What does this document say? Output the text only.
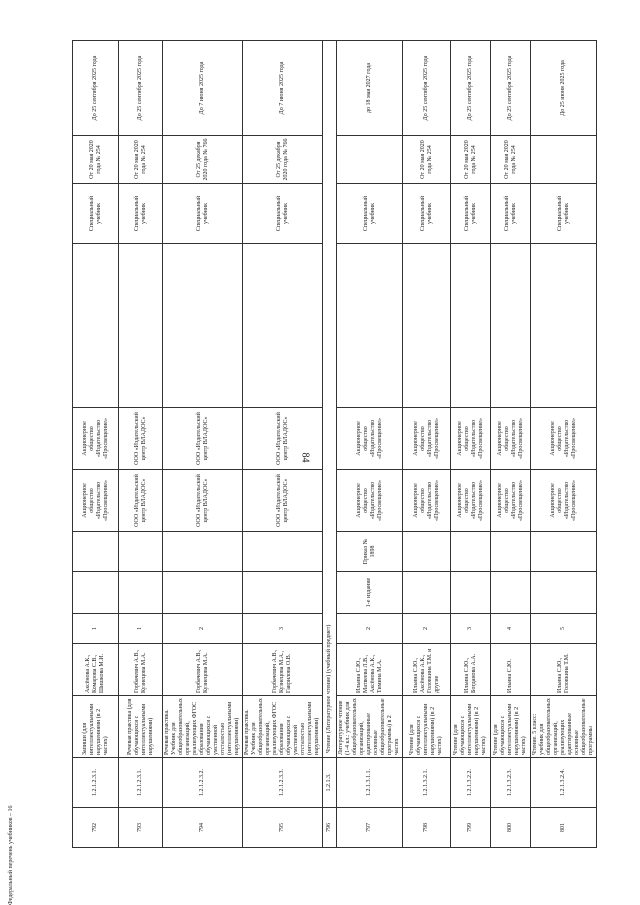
84
Федеральный перечень учебников – 16	792	1.2.1.2.3.1.	Запиши (для интеллектуальными нарушениями (в 2 частях)	Аксёнова А.К., Комарова С.В., Шишкова М.И.	1			Акционерное общество «Издательство «Просвещение»	Акционерное общество «Издательство «Просвещение»		Специальный учебник	От 20 мая 2020 года № 254	До 25 сентября 2025 года
793	1.2.1.2.3.1.	Речевая практика (для обучающихся с интеллектуальными нарушениями)	Горбачевич А.В., Кузнецова М.А.	1			ООО «Издательский центр ВЛАДОС»	ООО «Издательский центр ВЛАДОС»		Специальный учебник	От 20 мая 2020 года № 254	До 25 сентября 2025 года
794	1.2.1.2.3.2.	Речевая практика. Учебник для общеобразовательных организаций, реализующих ФГОС образования обучающихся с умственной отсталостью (интеллектуальными нарушениями)	Горбачевич А.В., Кузнецова М.А.	2			ООО «Издательский центр ВЛАДОС»	ООО «Издательский центр ВЛАДОС»		Специальный учебник	От 25 декабря 2020 года № 766	До 7 июня 2025 года
795	1.2.1.2.3.3.	Речевая практика. Учебник для общеобразовательных организаций, реализующих ФГОС образования обучающихся с умственной отсталостью (интеллектуальными нарушениями)	Горбачевич А.В., Кузнецова М.А., Гаврилова О.В.	3			ООО «Издательский центр ВЛАДОС»	ООО «Издательский центр ВЛАДОС»		Специальный учебник	От 25 декабря 2020 года № 766	До 7 июня 2025 года
796	1.2.1.3.	Чтение (Литературное чтение) (учебный предмет)										
797	1.2.1.3.1.1.	Литературное чтение (1-4 кл.: учебник для общеобразовательных организаций, адаптированные основные общеобразовательные программы) в 2 частях	Ильина С.Ю., Матвеева Л.В., Аксёнова А.К., Тимина М.А.	2	1-е издание	Приказ № 1898	Акционерное общество «Издательство «Просвещение»	Акционерное общество «Издательство «Просвещение»		Специальный учебник		до 18 мая 2027 года
798	1.2.1.3.2.1.	Чтение (для обучающихся с интеллектуальными нарушениями) (в 2 частях)	Ильина С.Ю., Аксёнова А.К., Головкина Т.М. и другие	2			Акционерное общество «Издательство «Просвещение»	Акционерное общество «Издательство «Просвещение»		Специальный учебник	От 20 мая 2020 года № 254	До 25 сентября 2025 года
799	1.2.1.3.2.2.	Чтение (для обучающихся с интеллектуальными нарушениями) (в 2 частях)	Ильина С.Ю., Богданова А.А.	3			Акционерное общество «Издательство «Просвещение»	Акционерное общество «Издательство «Просвещение»		Специальный учебник	От 20 мая 2020 года № 254	До 25 сентября 2025 года
800	1.2.1.3.2.3.	Чтение (для обучающихся с интеллектуальными нарушениями) (в 2 частях)	Ильина С.Ю.	4			Акционерное общество «Издательство «Просвещение»	Акционерное общество «Издательство «Просвещение»		Специальный учебник	От 20 мая 2020 года № 254	До 25 сентября 2025 года
801	1.2.1.3.2.4.	Чтение. 5 класс: учебник для общеобразовательных организаций, реализующих адаптированные основные общеобразовательные программы	Ильина С.Ю., Головкина Т.М.	5			Акционерное общество «Издательство «Просвещение»	Акционерное общество «Издательство «Просвещение»		Специальный учебник		До 25 июня 2025 года
